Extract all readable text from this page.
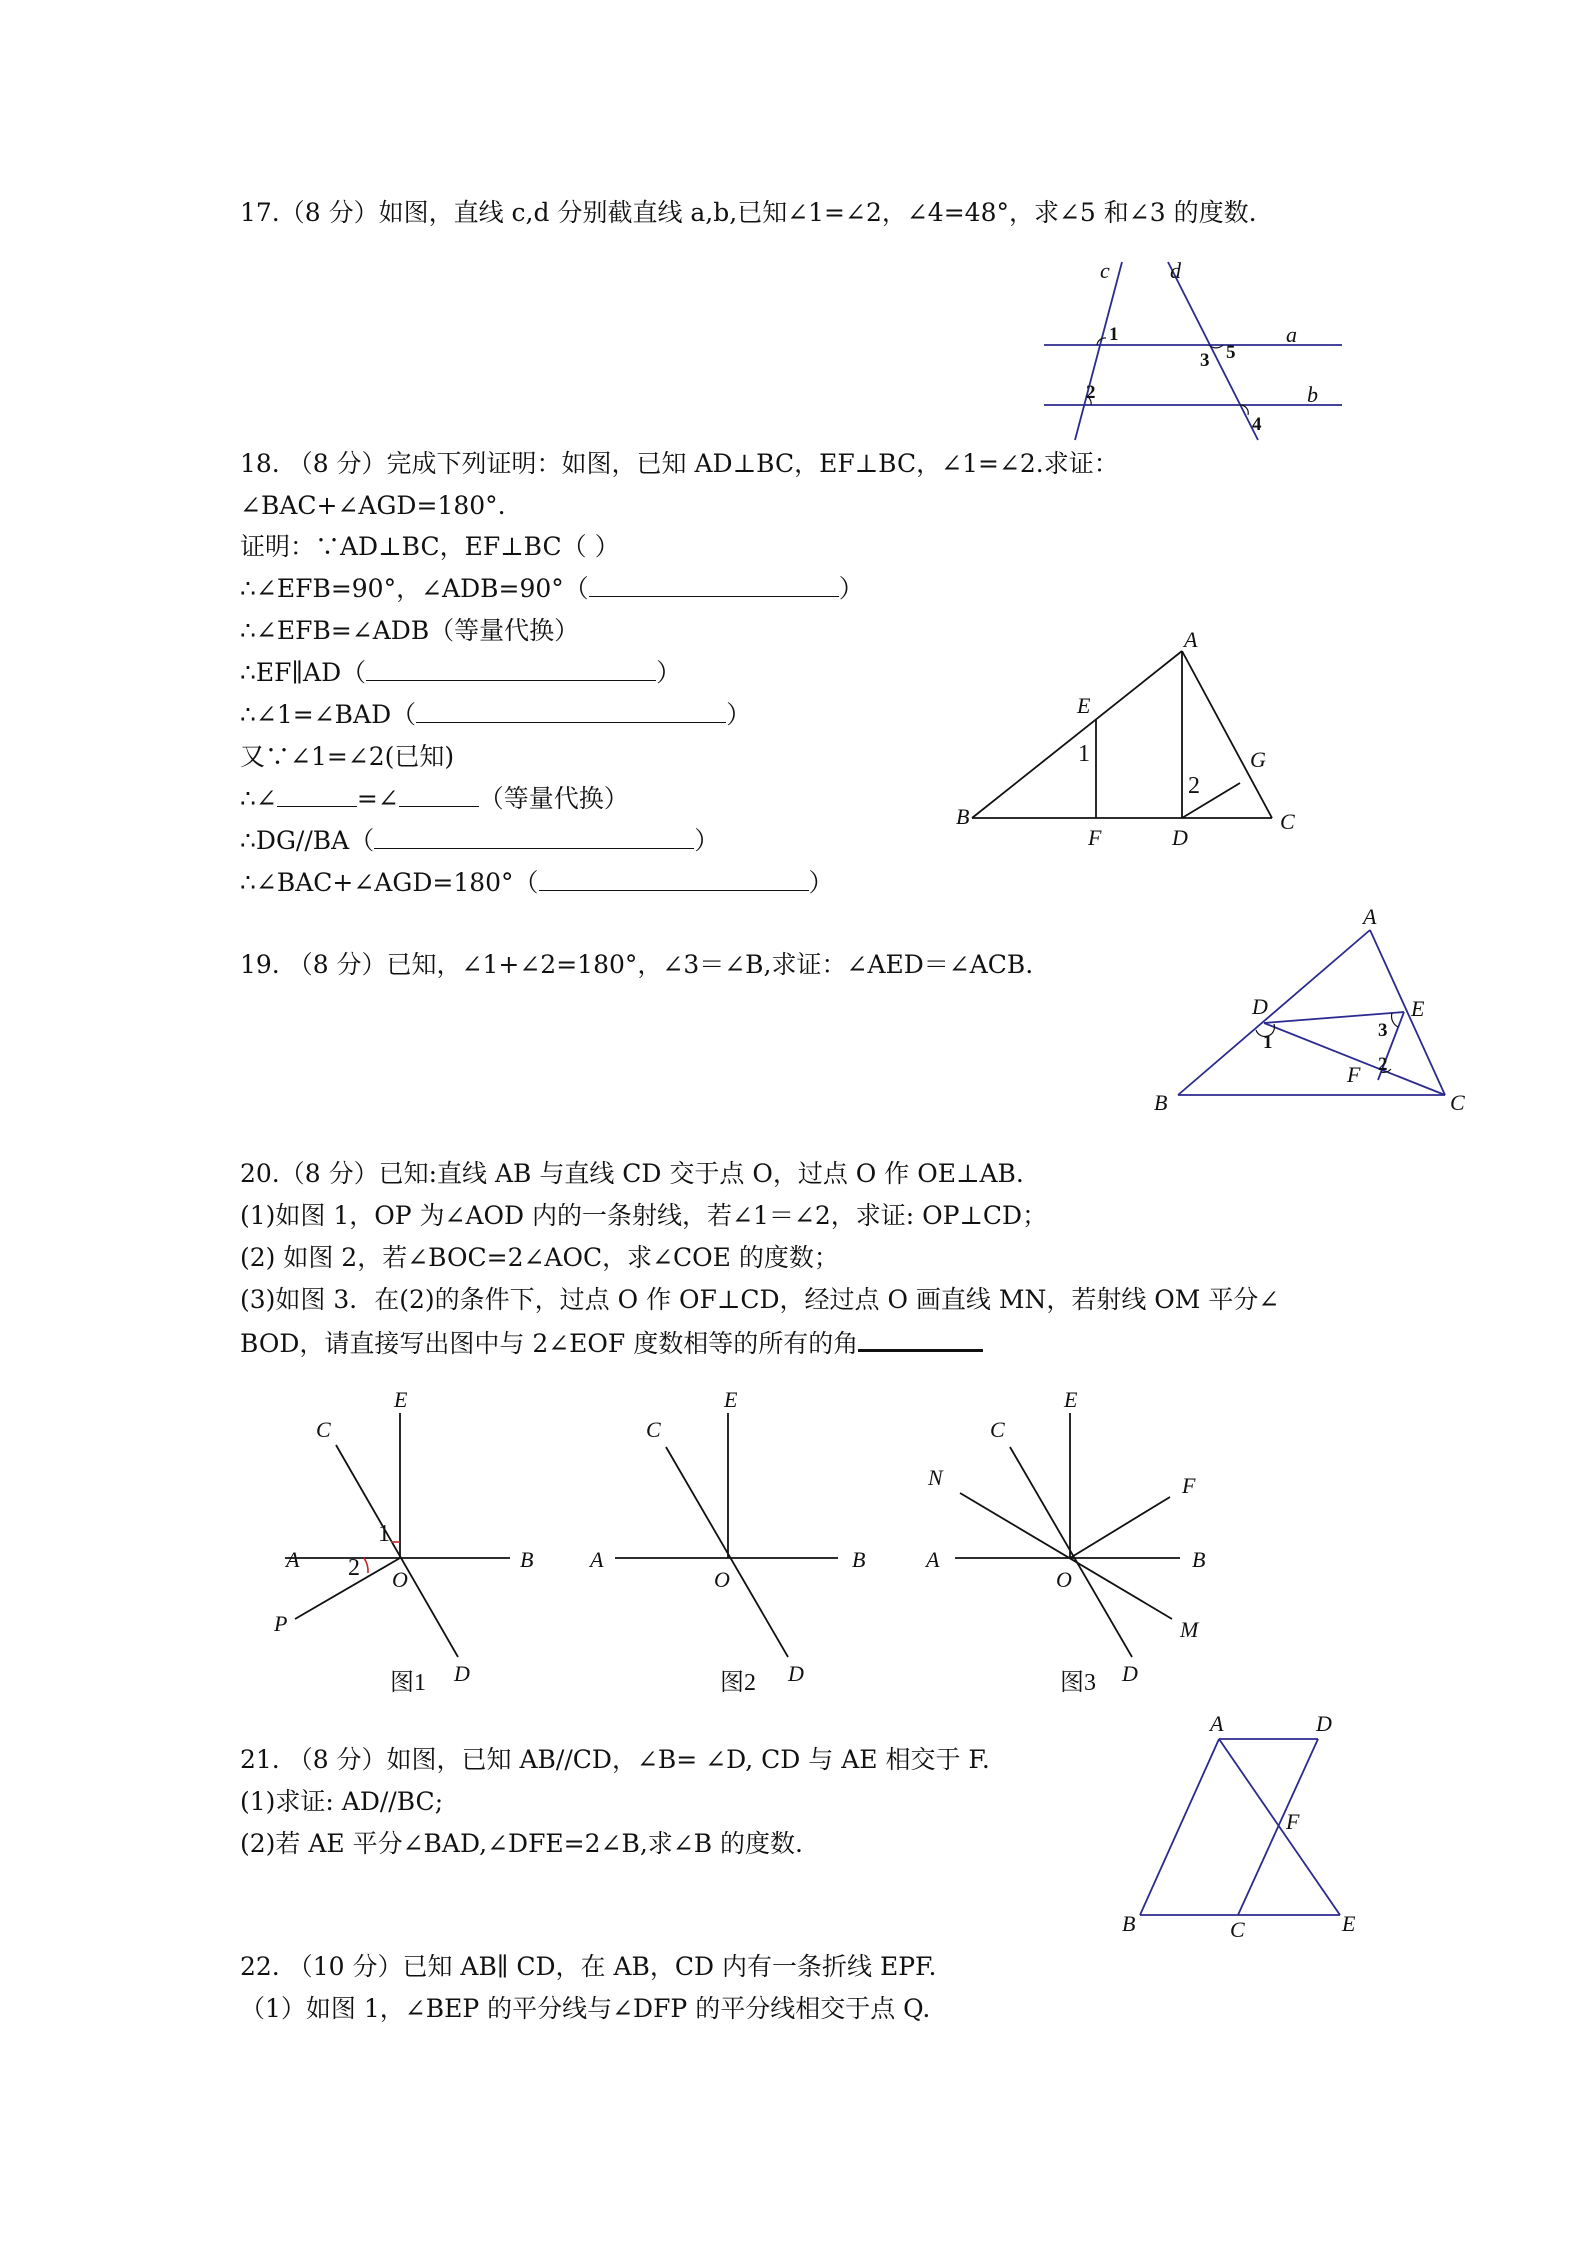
17.（8 分）如图，直线 c,d 分别截直线 a,b,已知∠1=∠2，∠4=48°，求∠5 和∠3 的度数.
c	d
a
b
1
2
3
4
5
18. （8 分）完成下列证明：如图，已知 AD⊥BC，EF⊥BC，∠1=∠2.求证：
∠BAC+∠AGD=180°.
证明：∵AD⊥BC，EF⊥BC（ ）
∴∠EFB=90°，∠ADB=90°（	）
∴∠EFB=∠ADB（等量代换）
∴EF∥AD（	）
∴∠1=∠BAD（	）
又∵∠1=∠2(已知)
∴∠	=∠	（等量代换）
∴DG//BA（	）
∴∠BAC+∠AGD=180°（	）
A
B	C
D
E
F
G
1
2
19. （8 分）已知，∠1+∠2=180°，∠3＝∠B,求证：∠AED＝∠ACB.
A
B	C
D	E
F
1
2
3
20.（8 分）已知:直线 AB 与直线 CD 交于点 O，过点 O 作 OE⊥AB.
(1)如图 1，OP 为∠AOD 内的一条射线，若∠1＝∠2，求证: OP⊥CD；
(2) 如图 2，若∠BOC=2∠AOC，求∠COE 的度数；
(3)如图 3．在(2)的条件下，过点 O 作 OF⊥CD，经过点 O 画直线 MN，若射线 OM 平分∠
BOD，请直接写出图中与 2∠EOF 度数相等的所有的角
A	B
C
D
E
O
P
1
2
图1
A	B
C
D
E
O
图2
A	B
C
D
E
O
F
M
N
图3
21. （8 分）如图，已知 AB//CD，∠B= ∠D, CD 与 AE 相交于 F.
(1)求证: AD//BC;
(2)若 AE 平分∠BAD,∠DFE=2∠B,求∠B 的度数.
A	D
B	C	E
F
22. （10 分）已知 AB∥ CD，在 AB，CD 内有一条折线 EPF.
（1）如图 1，∠BEP 的平分线与∠DFP 的平分线相交于点 Q.
